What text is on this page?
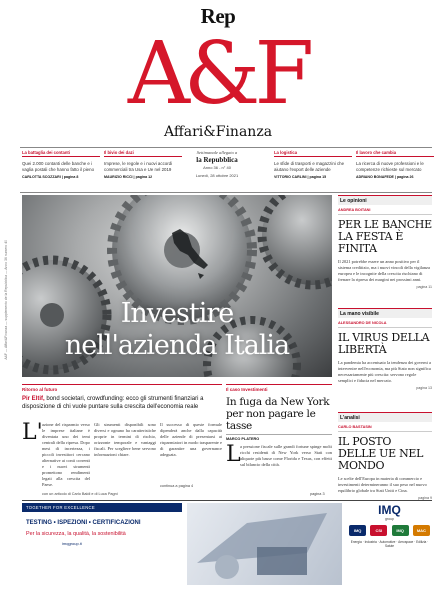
Rep
A&F
Affari&Finanza
La battaglia dei contanti
Quei 2.000 contanti delle banche e i vaglia postali che hanno fatto il pieno
CARLOTTA SCOZZARI | pagina 8
Il bivio dei dazi
Imprese, le regole e i nuovi accordi commerciali tra Usa e Ue nel 2019
MAURIZIO RICCI | pagina 12
Settimanale allegato a
la Repubblica
Anno 36 - n° 40
Lunedì, 28 ottobre 2021
La logistica
Le sfide di trasporti e magazzini che aiutano l'export delle aziende
VITTORIO CARLINI | pagina 15
Il lavoro che cambia
La ricerca di nuove professioni e le competenze richieste sul mercato
ADRIANO BONAFEDE | pagina 26
Investire
nell'azienda Italia
Le opinioni
ANDREA BOITANI
PER LE BANCHE LA FESTA È FINITA
Il 2021 potrebbe essere un anno positivo per il sistema creditizio, ma i nuovi vincoli della vigilanza europea e le incognite della crescita rischiano di frenare la ripresa dei margini nei prossimi anni.
pagina 11
La mano visibile
ALESSANDRO DE NICOLA
IL VIRUS DELLA LIBERTÀ
La pandemia ha accentuato la tendenza dei governi a intervenire nell'economia, ma più Stato non significa necessariamente più crescita: servono regole semplici e fiducia nel mercato.
pagina 13
L'analisi
CARLO BASTASIN
IL POSTO DELLE UE NEL MONDO
Le scelte dell'Europa in materia di commercio e investimenti determineranno il suo peso nel nuovo equilibrio globale tra Stati Uniti e Cina.
pagina 9
Ritorno al futuro
Pir Eltif, bond societari, crowdfunding: ecco gli strumenti finanziari a disposizione di chi vuole puntare sulla crescita dell'economia reale
L' azione del risparmio verso le imprese italiane è diventata uno dei temi centrali della ripresa. Dopo mesi di incertezza, i piccoli investitori cercano alternative ai conti correnti e i nuovi strumenti promettono rendimenti legati alla crescita del Paese.
Gli strumenti disponibili sono diversi e ognuno ha caratteristiche proprie in termini di rischio, orizzonte temporale e vantaggi fiscali. Per scegliere bene servono informazioni chiare.
Il successo di queste formule dipenderà anche dalla capacità delle aziende di presentarsi ai risparmiatori in modo trasparente e di garantire una governance adeguata.
continua a pagina 4
con un articolo di Carlo Baldi e di Luca Pagni
Il caso Investimenti
In fuga da New York per non pagare le tasse
MARCO PLATERO
L a pressione fiscale sulle grandi fortune spinge molti ricchi residenti di New York verso Stati con aliquote più basse come Florida e Texas, con effetti sul bilancio della città.
pagina 3
TOGETHER FOR EXCELLENCE
TESTING • ISPEZIONI • CERTIFICAZIONI
Per la sicurezza, la qualità, la sostenibilità
imqgroup.it
IMQ
group
IMQ	CSI	IMQ	MAC
Energia · Industria · Automotive · Aerospace · Edilizia · Salute
A&F — Affari&Finanza — supplemento de la Repubblica — Anno 36 numero 40
